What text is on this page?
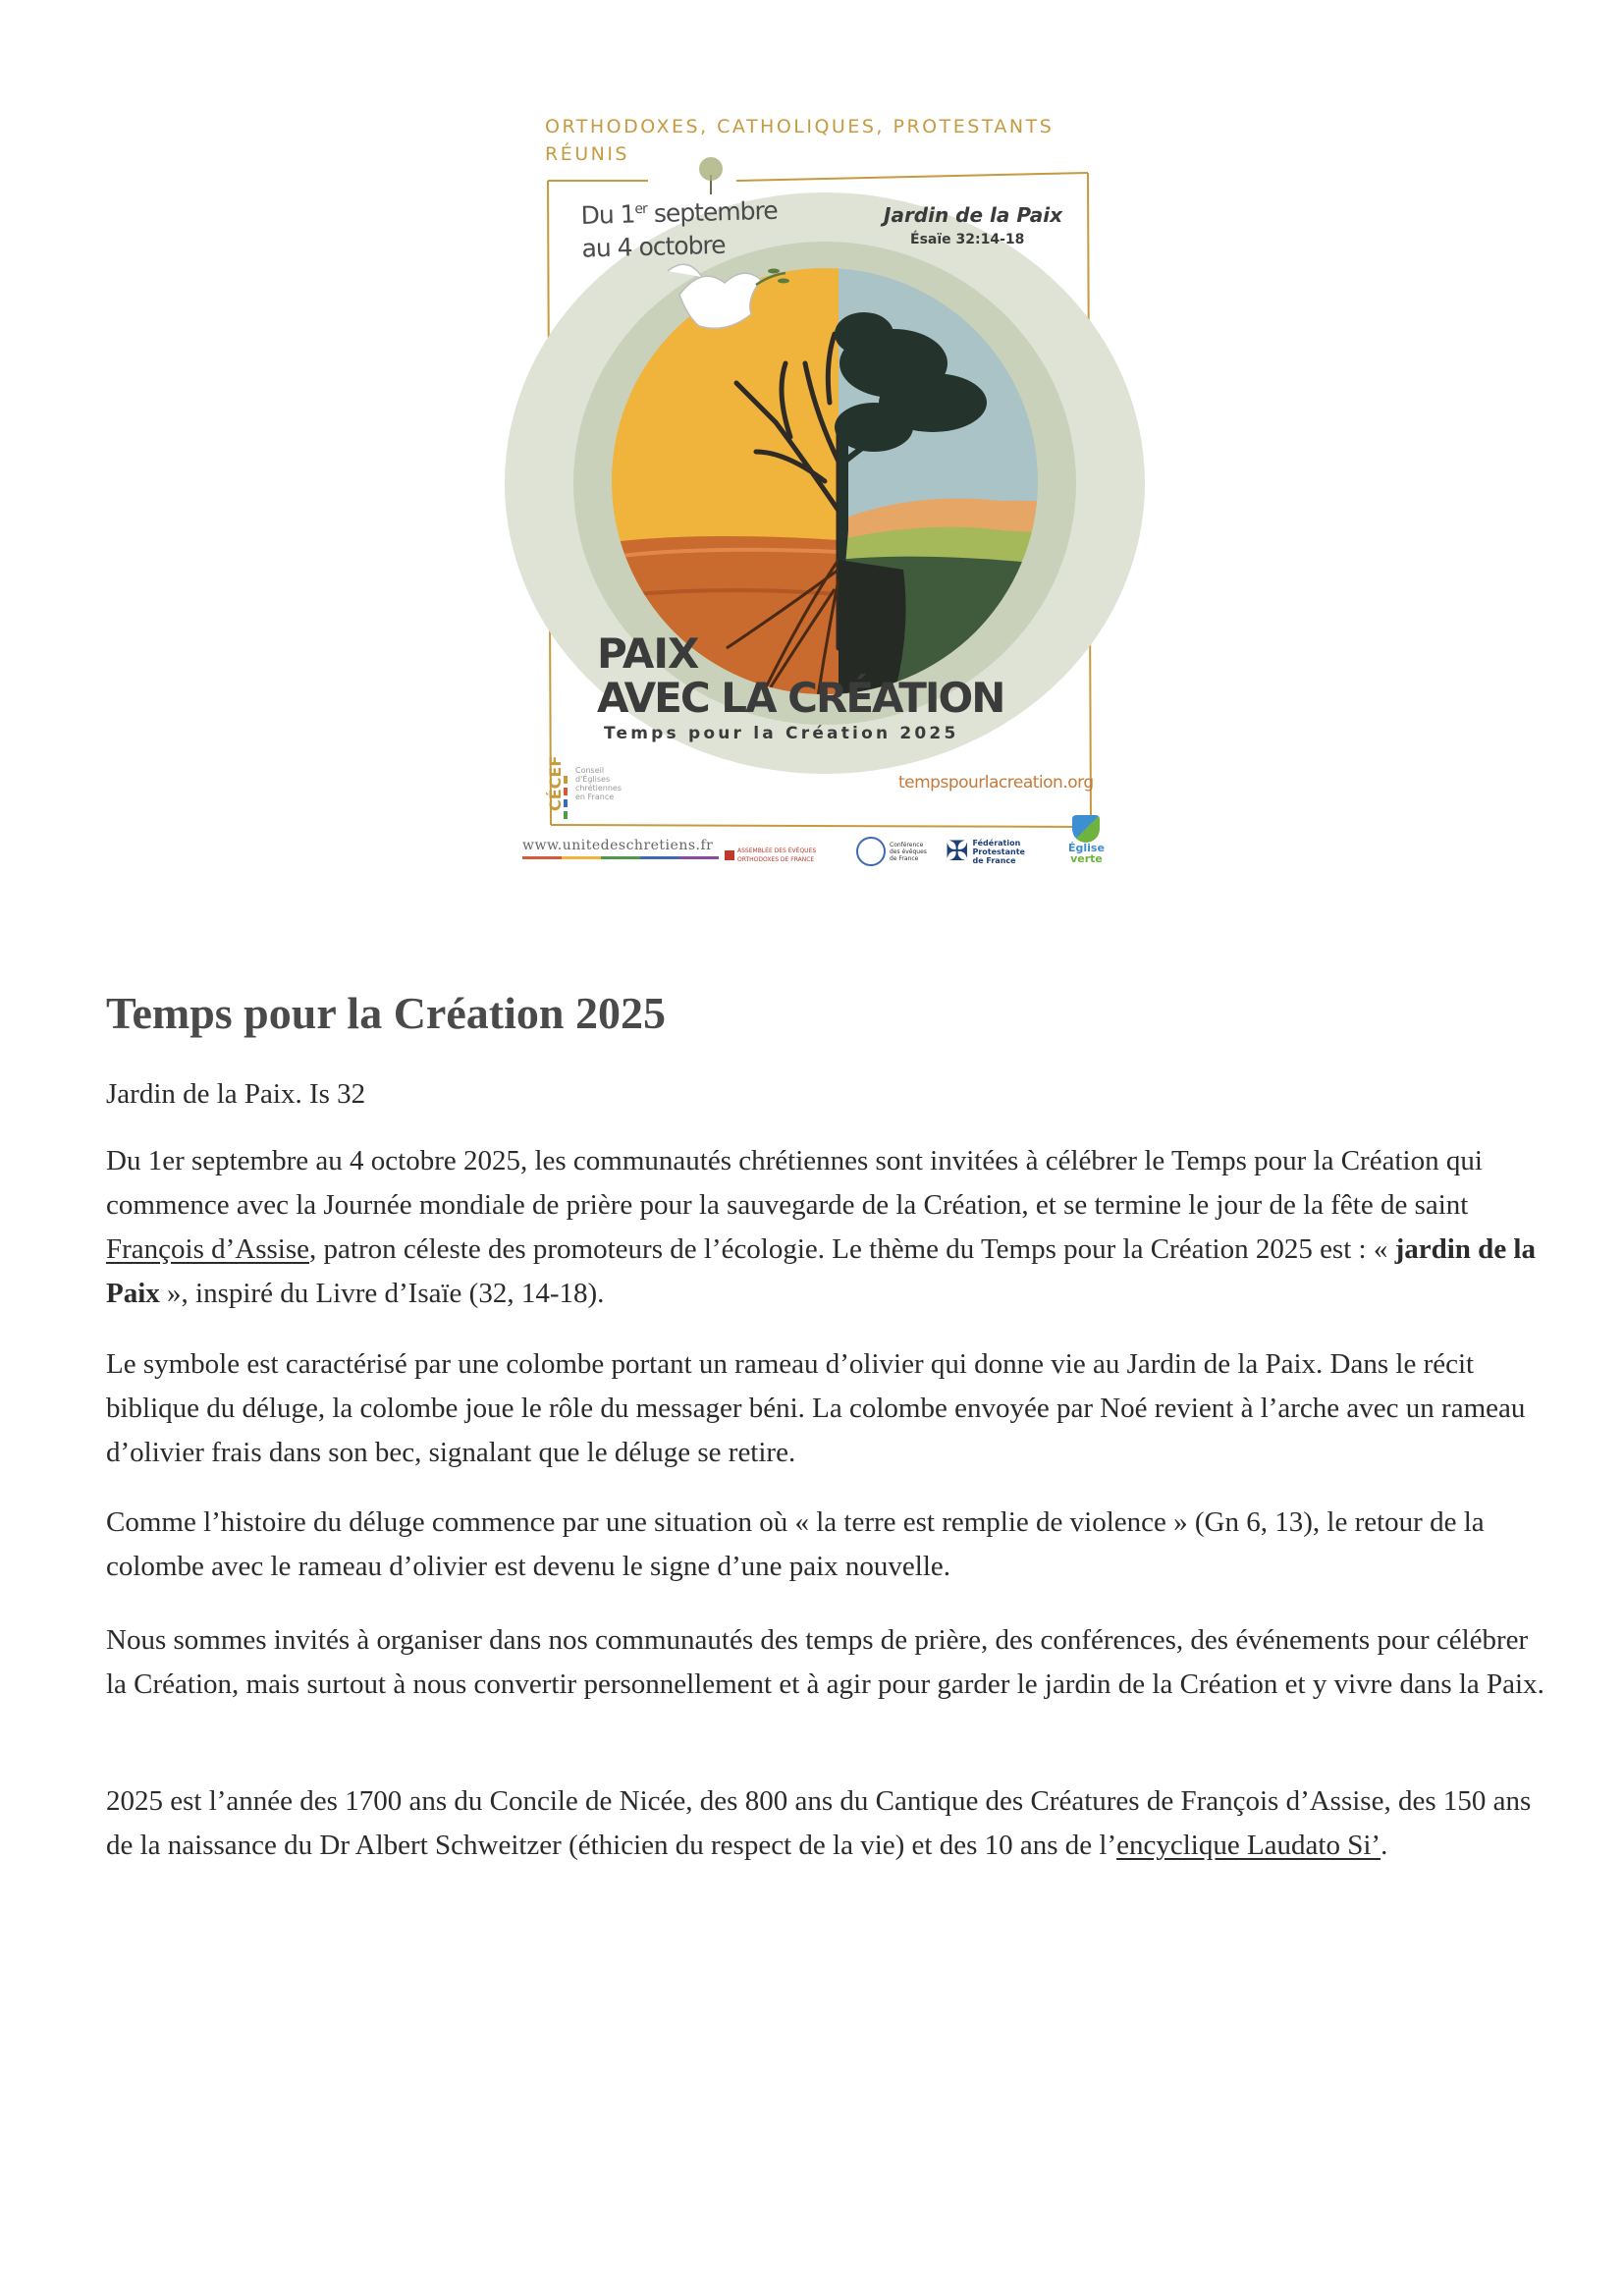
ORTHODOXES, CATHOLIQUES, PROTESTANTS
RÉUNIS
Du 1er septembre
au 4 octobre
Jardin de la Paix
Ésaïe 32:14-18
PAIX
AVEC LA CRÉATION
Temps pour la Création 2025
CÉCEF Conseil
d'Églises
chrétiennes
en France
tempspourlacreation.org
www.unitedeschretiens.fr	ASSEMBLÉE DES ÉVÊQUES ORTHODOXES DE FRANCE
Conférence
des évêques
de France ✠ Fédération
Protestante
de France
Église
verte
Temps pour la Création 2025
Jardin de la Paix. Is 32
Du 1er septembre au 4 octobre 2025, les communautés chrétiennes sont invitées à célébrer le Temps pour la Création qui commence avec la Journée mondiale de prière pour la sauvegarde de la Création, et se termine le jour de la fête de saint François d’Assise, patron céleste des promoteurs de l’écologie. Le thème du Temps pour la Création 2025 est : « jardin de la Paix », inspiré du Livre d’Isaïe (32, 14-18).
Le symbole est caractérisé par une colombe portant un rameau d’olivier qui donne vie au Jardin de la Paix. Dans le récit biblique du déluge, la colombe joue le rôle du messager béni. La colombe envoyée par Noé revient à l’arche avec un rameau d’olivier frais dans son bec, signalant que le déluge se retire.
Comme l’histoire du déluge commence par une situation où « la terre est remplie de violence » (Gn 6, 13), le retour de la colombe avec le rameau d’olivier est devenu le signe d’une paix nouvelle.
Nous sommes invités à organiser dans nos communautés des temps de prière, des conférences, des événements pour célébrer la Création, mais surtout à nous convertir personnellement et à agir pour garder le jardin de la Création et y vivre dans la Paix.
2025 est l’année des 1700 ans du Concile de Nicée, des 800 ans du Cantique des Créatures de François d’Assise, des 150 ans de la naissance du Dr Albert Schweitzer (éthicien du respect de la vie) et des 10 ans de l’encyclique Laudato Si’.
